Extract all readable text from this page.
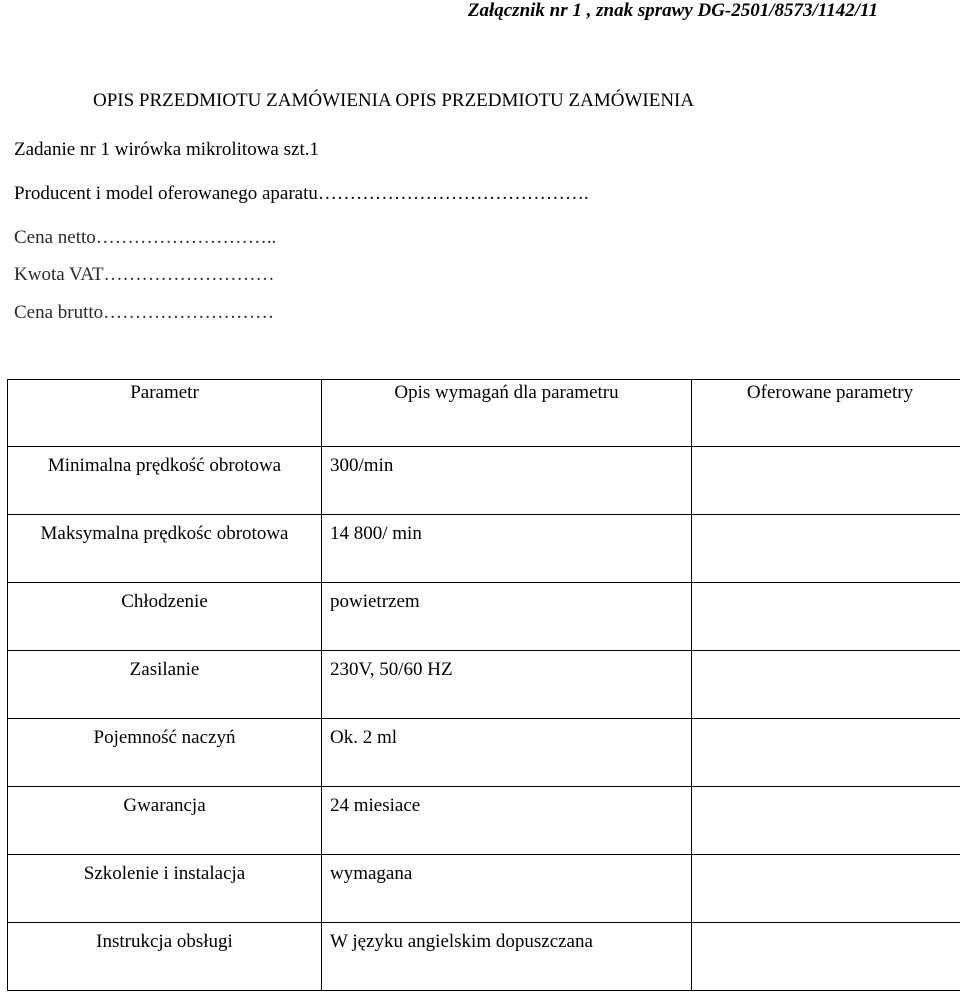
Załącznik nr 1 , znak sprawy DG-2501/8573/1142/11
OPIS PRZEDMIOTU ZAMÓWIENIA OPIS PRZEDMIOTU ZAMÓWIENIA
Zadanie nr 1 wirówka mikrolitowa szt.1
Producent i model oferowanego aparatu…………………………………….
Cena netto………………………..
Kwota VAT………………………
Cena brutto………………………
Parametr	Opis wymagań dla parametru	Oferowane parametry
Minimalna prędkość obrotowa	300/min	
Maksymalna prędkośc obrotowa	14 800/ min	
Chłodzenie	powietrzem	
Zasilanie	230V, 50/60 HZ	
Pojemność naczyń	Ok. 2 ml	
Gwarancja	24 miesiace	
Szkolenie i instalacja	wymagana	
Instrukcja obsługi	W języku angielskim dopuszczana	
